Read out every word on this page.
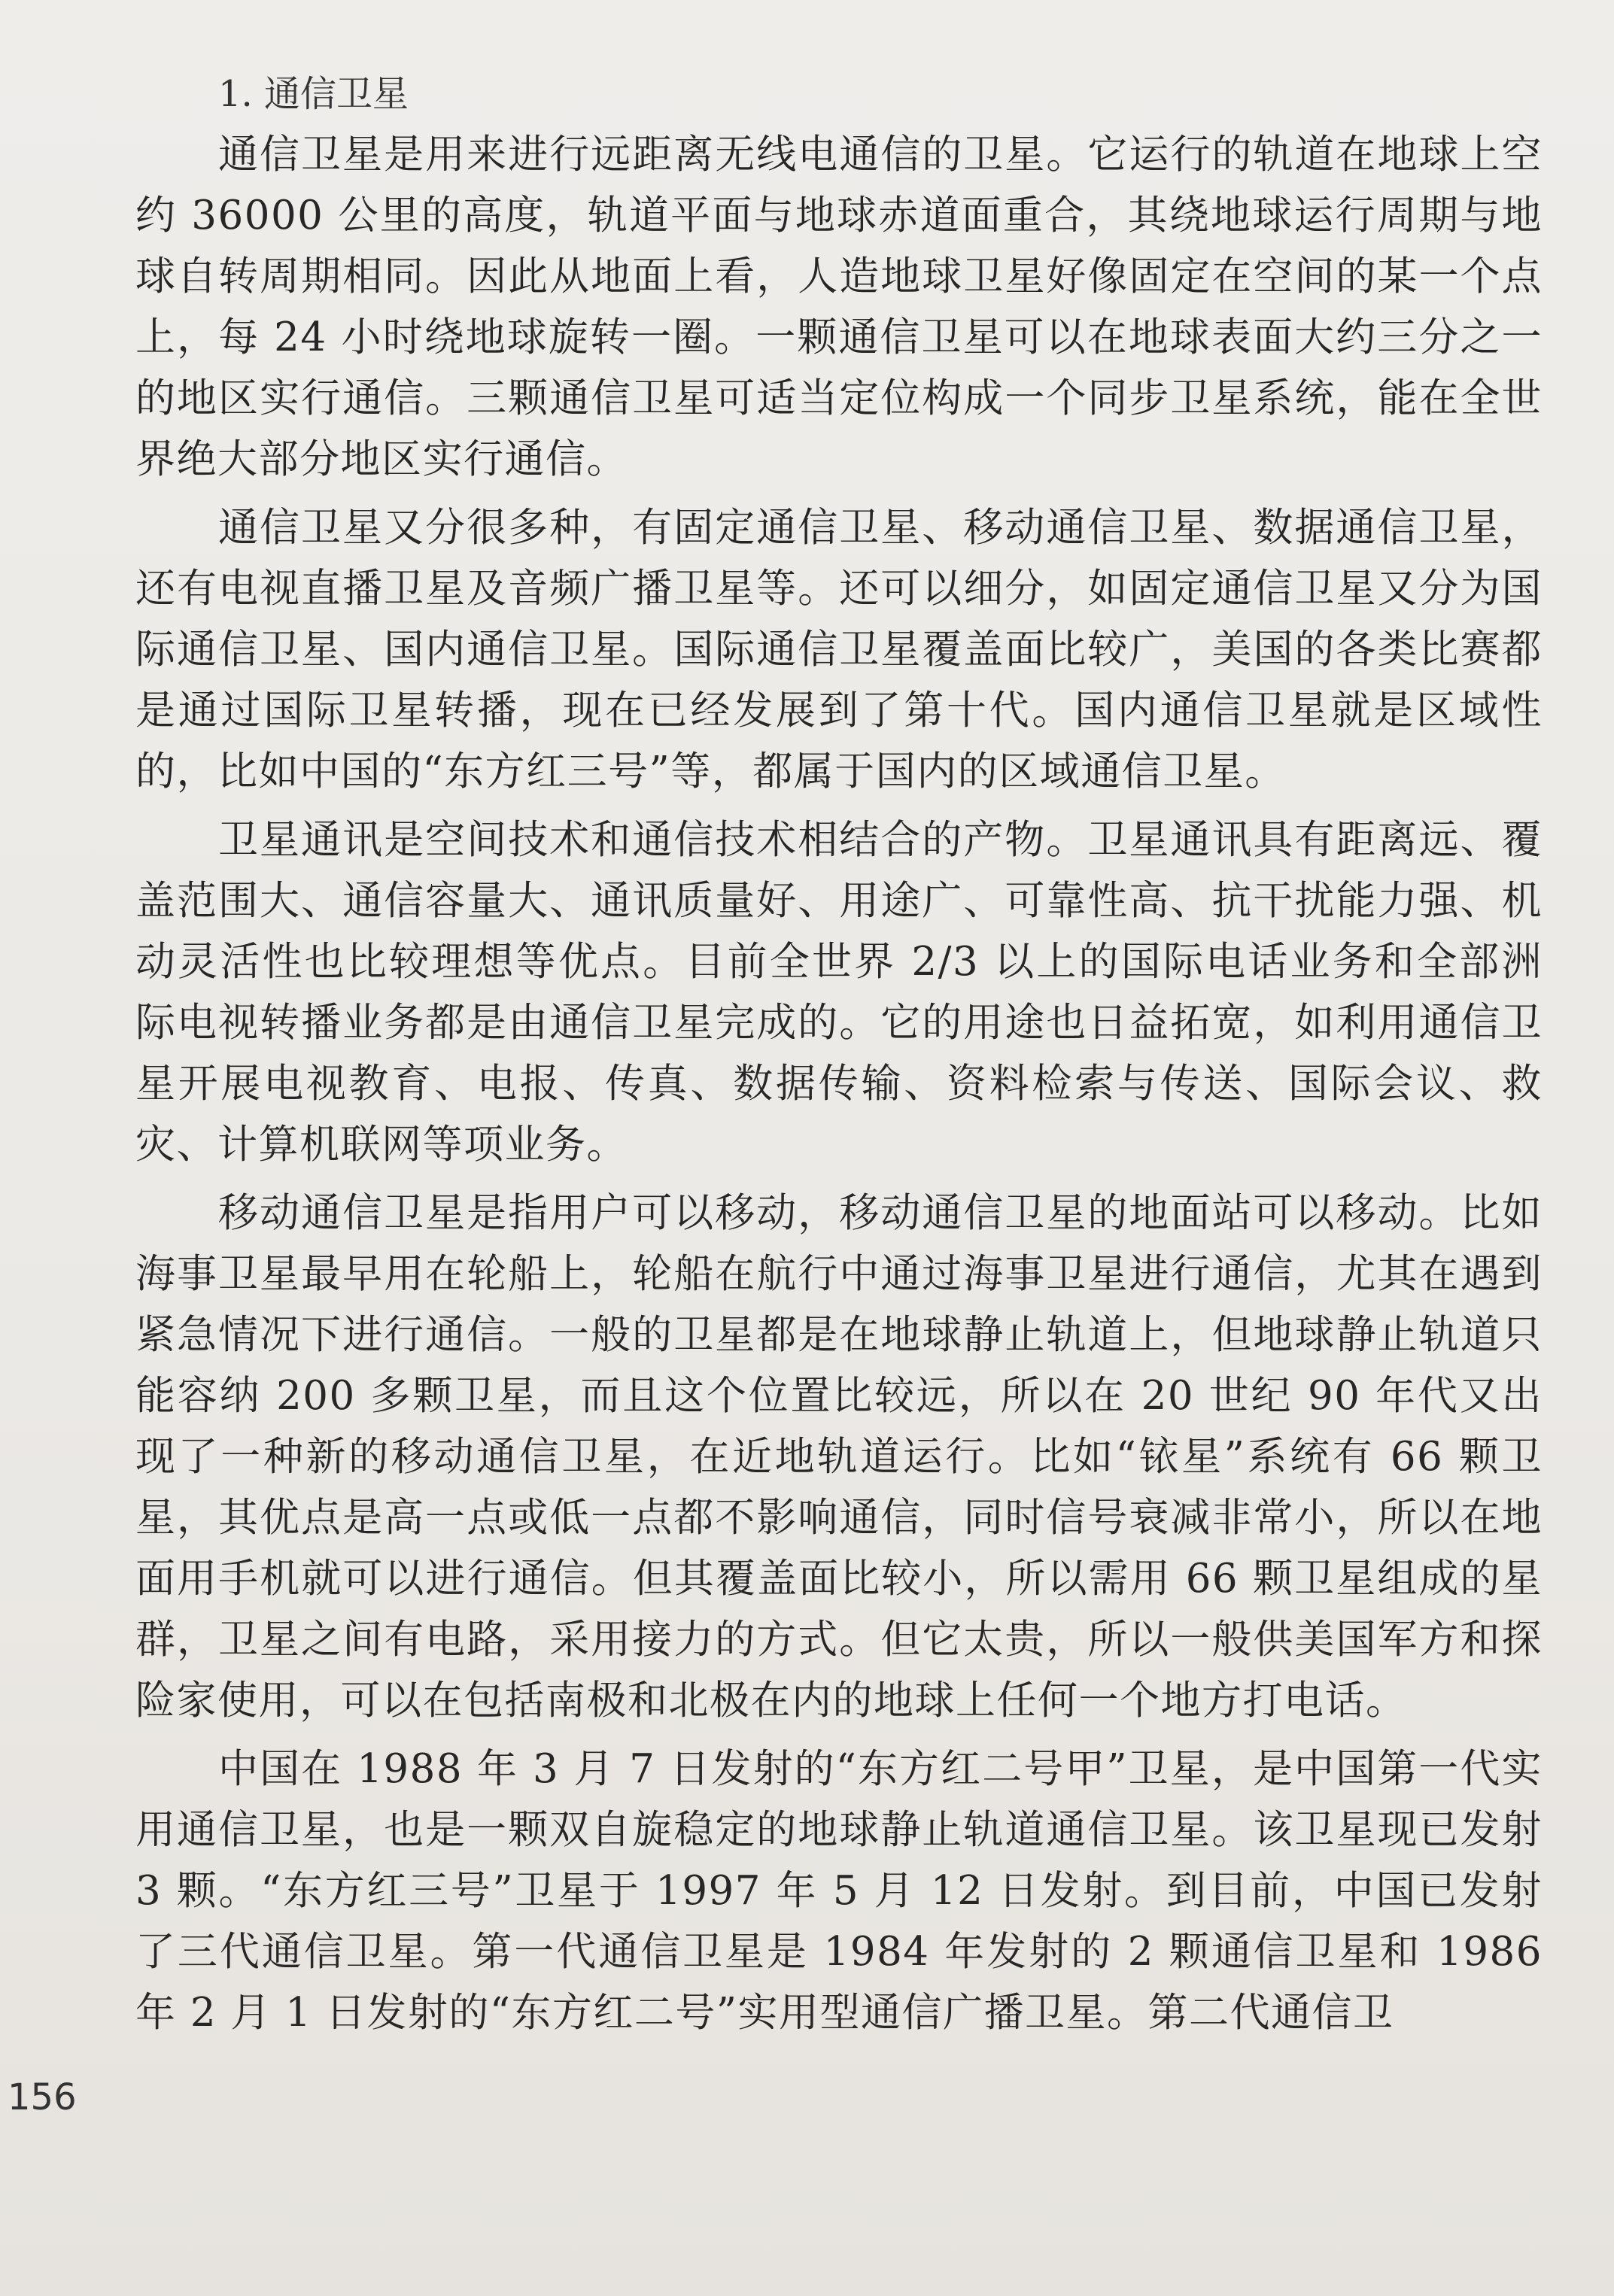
1. 通信卫星

通信卫星是用来进行远距离无线电通信的卫星。它运行的轨道在地球上空约 36000 公里的高度，轨道平面与地球赤道面重合，其绕地球运行周期与地球自转周期相同。因此从地面上看，人造地球卫星好像固定在空间的某一个点上，每 24 小时绕地球旋转一圈。一颗通信卫星可以在地球表面大约三分之一的地区实行通信。三颗通信卫星可适当定位构成一个同步卫星系统，能在全世界绝大部分地区实行通信。

通信卫星又分很多种，有固定通信卫星、移动通信卫星、数据通信卫星，还有电视直播卫星及音频广播卫星等。还可以细分，如固定通信卫星又分为国际通信卫星、国内通信卫星。国际通信卫星覆盖面比较广，美国的各类比赛都是通过国际卫星转播，现在已经发展到了第十代。国内通信卫星就是区域性的，比如中国的“东方红三号”等，都属于国内的区域通信卫星。

卫星通讯是空间技术和通信技术相结合的产物。卫星通讯具有距离远、覆盖范围大、通信容量大、通讯质量好、用途广、可靠性高、抗干扰能力强、机动灵活性也比较理想等优点。目前全世界 2/3 以上的国际电话业务和全部洲际电视转播业务都是由通信卫星完成的。它的用途也日益拓宽，如利用通信卫星开展电视教育、电报、传真、数据传输、资料检索与传送、国际会议、救灾、计算机联网等项业务。

移动通信卫星是指用户可以移动，移动通信卫星的地面站可以移动。比如海事卫星最早用在轮船上，轮船在航行中通过海事卫星进行通信，尤其在遇到紧急情况下进行通信。一般的卫星都是在地球静止轨道上，但地球静止轨道只能容纳 200 多颗卫星，而且这个位置比较远，所以在 20 世纪 90 年代又出现了一种新的移动通信卫星，在近地轨道运行。比如“铱星”系统有 66 颗卫星，其优点是高一点或低一点都不影响通信，同时信号衰减非常小，所以在地面用手机就可以进行通信。但其覆盖面比较小，所以需用 66 颗卫星组成的星群，卫星之间有电路，采用接力的方式。但它太贵，所以一般供美国军方和探险家使用，可以在包括南极和北极在内的地球上任何一个地方打电话。

中国在 1988 年 3 月 7 日发射的“东方红二号甲”卫星，是中国第一代实用通信卫星，也是一颗双自旋稳定的地球静止轨道通信卫星。该卫星现已发射 3 颗。“东方红三号”卫星于 1997 年 5 月 12 日发射。到目前，中国已发射了三代通信卫星。第一代通信卫星是 1984 年发射的 2 颗通信卫星和 1986 年 2 月 1 日发射的“东方红二号”实用型通信广播卫星。第二代通信卫

156
